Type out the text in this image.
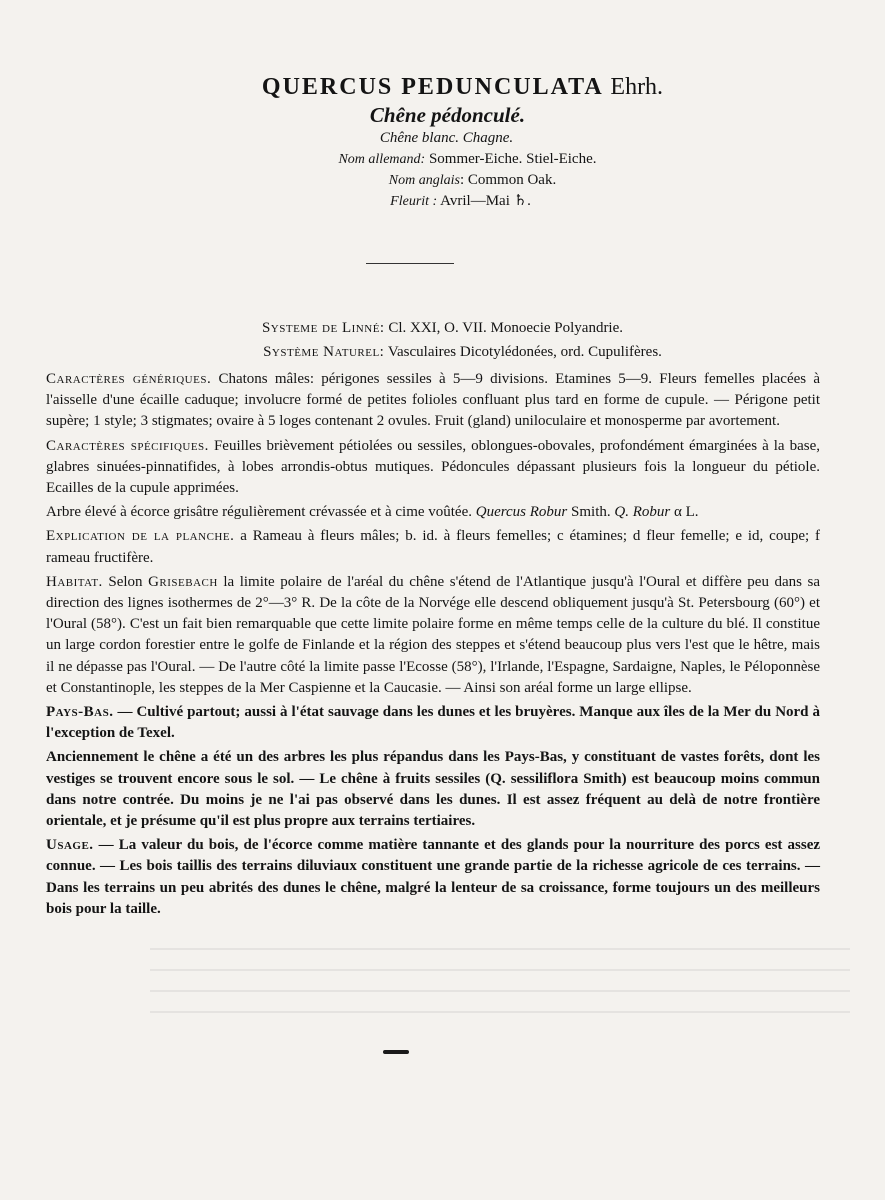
QUERCUS PEDUNCULATA Ehrh.
Chêne pédonculé.
Chêne blanc. Chagne.
Nom allemand: Sommer-Eiche. Stiel-Eiche.
Nom anglais: Common Oak.
Fleurit : Avril—Mai ♄.
Systeme de Linné: Cl. XXI, O. VII. Monoecie Polyandrie.
Système Naturel: Vasculaires Dicotylédonées, ord. Cupulifères.

Caractères génériques. Chatons mâles: périgones sessiles à 5—9 divisions. Etamines 5—9. Fleurs femelles placées à l'aisselle d'une écaille caduque; involucre formé de petites folioles confluant plus tard en forme de cupule. — Périgone petit supère; 1 style; 3 stigmates; ovaire à 5 loges contenant 2 ovules. Fruit (gland) uniloculaire et monosperme par avortement.

Caractères spécifiques. Feuilles brièvement pétiolées ou sessiles, oblongues-obovales, profondément émarginées à la base, glabres sinuées-pinnatifides, à lobes arrondis-obtus mutiques. Pédoncules dépassant plusieurs fois la longueur du pétiole. Ecailles de la cupule apprimées.

Arbre élevé à écorce grisâtre régulièrement crévassée et à cime voûtée. Quercus Robur Smith. Q. Robur α L.

Explication de la planche. a Rameau à fleurs mâles; b. id. à fleurs femelles; c étamines; d fleur femelle; e id, coupe; f rameau fructifère.

Habitat. Selon Grisebach la limite polaire de l'aréal du chêne s'étend de l'Atlantique jusqu'à l'Oural et diffère peu dans sa direction des lignes isothermes de 2°—3° R. De la côte de la Norvége elle descend obliquement jusqu'à St. Petersbourg (60°) et l'Oural (58°). C'est un fait bien remarquable que cette limite polaire forme en même temps celle de la culture du blé. Il constitue un large cordon forestier entre le golfe de Finlande et la région des steppes et s'étend beaucoup plus vers l'est que le hêtre, mais il ne dépasse pas l'Oural. — De l'autre côté la limite passe l'Ecosse (58°), l'Irlande, l'Espagne, Sardaigne, Naples, le Péloponnèse et Constantinople, les steppes de la Mer Caspienne et la Caucasie. — Ainsi son aréal forme un large ellipse.

Pays-Bas. — Cultivé partout; aussi à l'état sauvage dans les dunes et les bruyères. Manque aux îles de la Mer du Nord à l'exception de Texel.

Anciennement le chêne a été un des arbres les plus répandus dans les Pays-Bas, y constituant de vastes forêts, dont les vestiges se trouvent encore sous le sol. — Le chêne à fruits sessiles (Q. sessiliflora Smith) est beaucoup moins commun dans notre contrée. Du moins je ne l'ai pas observé dans les dunes. Il est assez fréquent au delà de notre frontière orientale, et je présume qu'il est plus propre aux terrains tertiaires.

Usage. — La valeur du bois, de l'écorce comme matière tannante et des glands pour la nourriture des porcs est assez connue. — Les bois taillis des terrains diluviaux constituent une grande partie de la richesse agricole de ces terrains. — Dans les terrains un peu abrités des dunes le chêne, malgré la lenteur de sa croissance, forme toujours un des meilleurs bois pour la taille.
